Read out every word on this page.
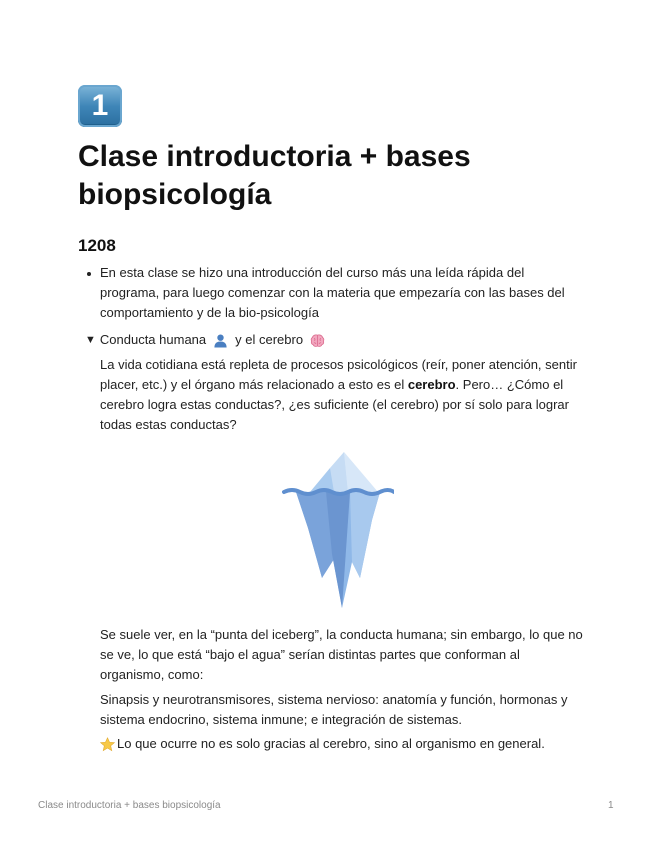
1
Clase introductoria + bases biopsicología
1208
En esta clase se hizo una introducción del curso más una leída rápida del programa, para luego comenzar con la materia que empezaría con las bases del comportamiento y de la bio-psicología
▼ Conducta humana y el cerebro

La vida cotidiana está repleta de procesos psicológicos (reír, poner atención, sentir placer, etc.) y el órgano más relacionado a esto es el cerebro. Pero… ¿Cómo el cerebro logra estas conductas?, ¿es suficiente (el cerebro) por sí solo para lograr todas estas conductas?

Se suele ver, en la “punta del iceberg”, la conducta humana; sin embargo, lo que no se ve, lo que está “bajo el agua” serían distintas partes que conforman al organismo, como:

Sinapsis y neurotransmisores, sistema nervioso: anatomía y función, hormonas y sistema endocrino, sistema inmune; e integración de sistemas.

Lo que ocurre no es solo gracias al cerebro, sino al organismo en general.

Clase introductoria + bases biopsicología	1
